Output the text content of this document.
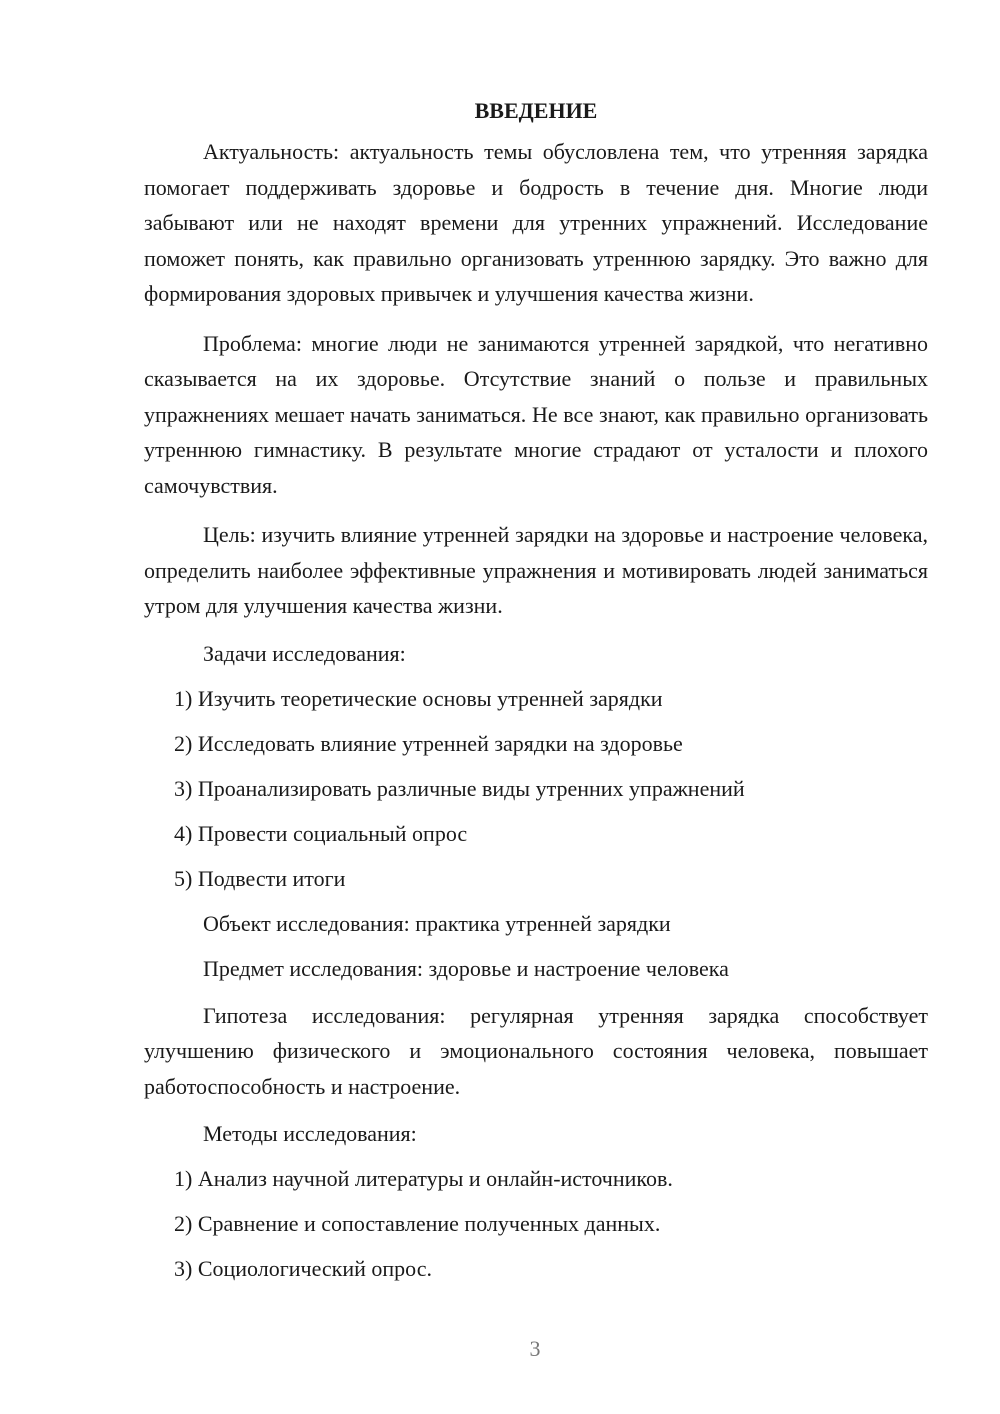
ВВЕДЕНИЕ

Актуальность: актуальность темы обусловлена тем, что утренняя зарядка помогает поддерживать здоровье и бодрость в течение дня. Многие люди забывают или не находят времени для утренних упражнений. Исследование поможет понять, как правильно организовать утреннюю зарядку. Это важно для формирования здоровых привычек и улучшения качества жизни.

Проблема: многие люди не занимаются утренней зарядкой, что негативно сказывается на их здоровье. Отсутствие знаний о пользе и правильных упражнениях мешает начать заниматься. Не все знают, как правильно организовать утреннюю гимнастику. В результате многие страдают от усталости и плохого самочувствия.

Цель: изучить влияние утренней зарядки на здоровье и настроение человека, определить наиболее эффективные упражнения и мотивировать людей заниматься утром для улучшения качества жизни.

Задачи исследования:
1) Изучить теоретические основы утренней зарядки
2) Исследовать влияние утренней зарядки на здоровье
3) Проанализировать различные виды утренних упражнений
4) Провести социальный опрос
5) Подвести итоги
Объект исследования: практика утренней зарядки
Предмет исследования: здоровье и настроение человека

Гипотеза исследования: регулярная утренняя зарядка способствует улучшению физического и эмоционального состояния человека, повышает работоспособность и настроение.

Методы исследования:
1) Анализ научной литературы и онлайн-источников.
2) Сравнение и сопоставление полученных данных.
3) Социологический опрос.
3
